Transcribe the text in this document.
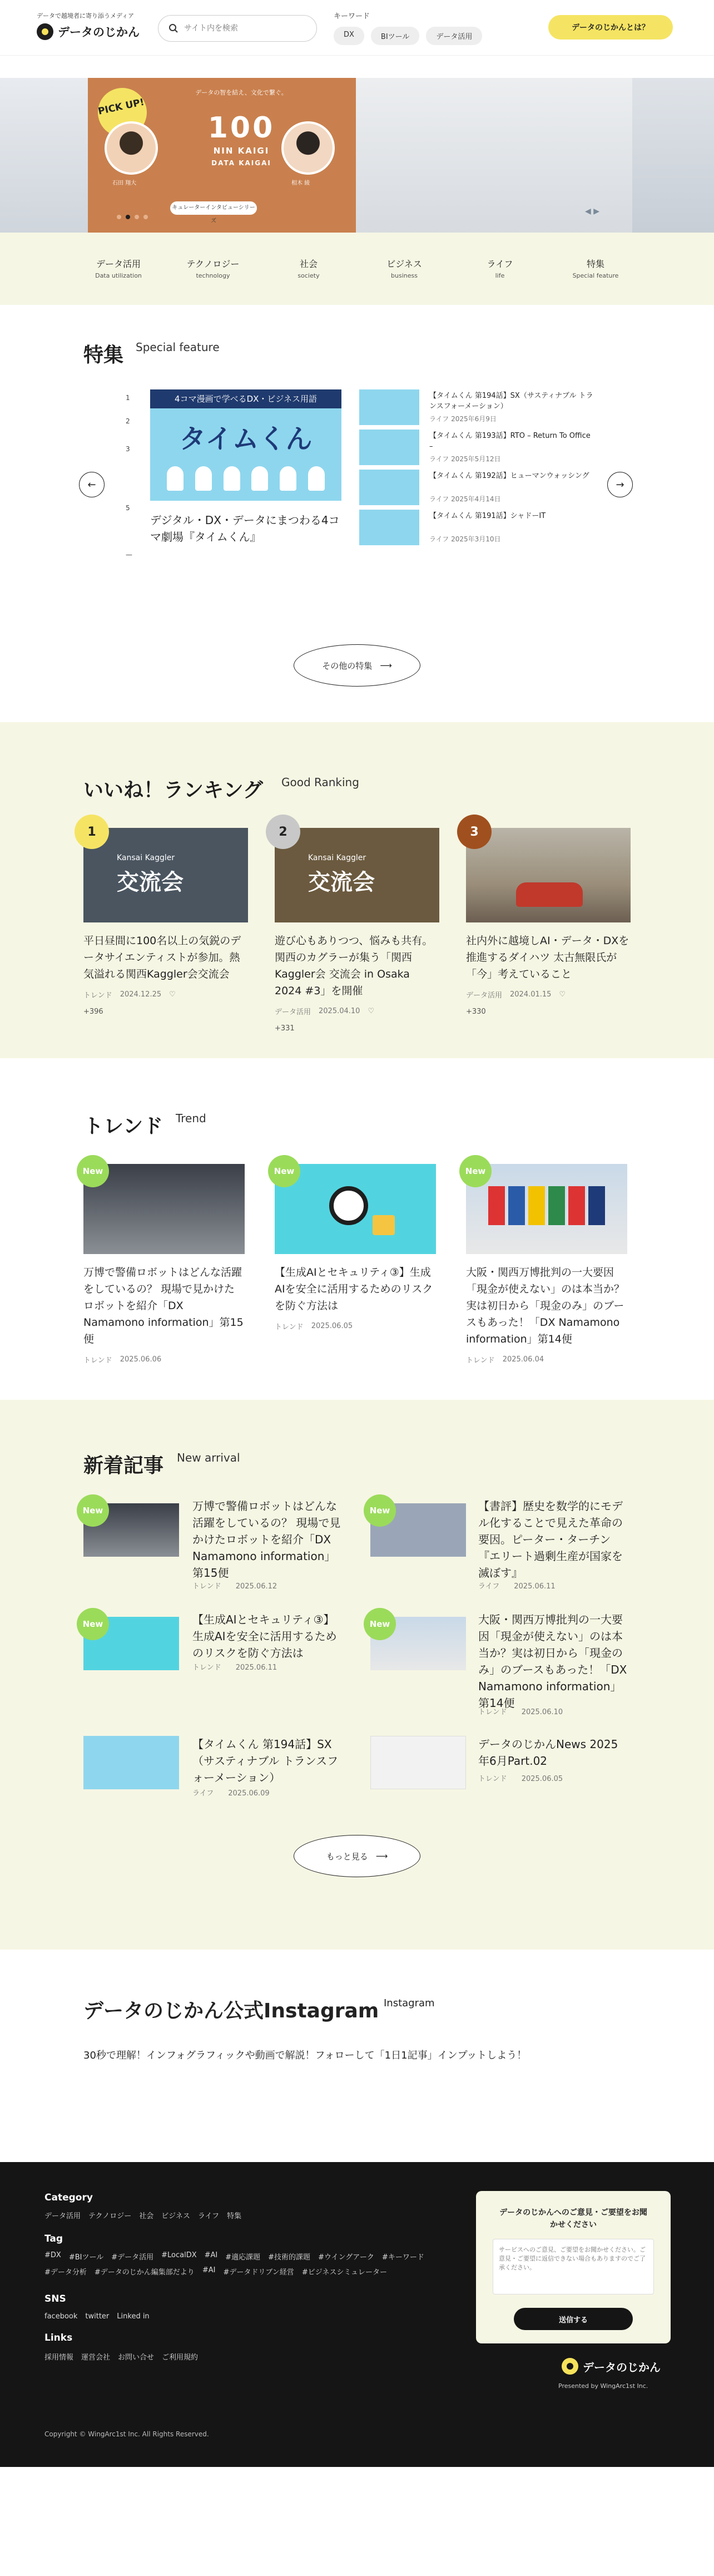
データで越境者に寄り添うメディア
データのじかん
サイト内を検索
キーワード
DX	BIツール	データ活用
データのじかんとは？
PICK UP!
データの智を結え、文化で繋ぐ。
100
NIN KAIGI
DATA KAIGAI
石田 翔大	相木 綾
キュレーターインタビューシリーズ
◀ ▶
データ活用
Data utilization
テクノロジー
technology
社会
society
ビジネス
business
ライフ
life
特集
Special feature
特集 Special feature
1
2
3
5
—
←	→
4コマ漫画で学べるDX・ビジネス用語
タイムくん
デジタル・DX・データにまつわる4コマ劇場『タイムくん』
【タイムくん 第194話】SX（サスティナブル トランスフォーメーション）
ライフ 2025年6月9日
【タイムくん 第193話】RTO – Return To Office –
ライフ 2025年5月12日
【タイムくん 第192話】ヒューマンウォッシング
ライフ 2025年4月14日
【タイムくん 第191話】シャドーIT
ライフ 2025年3月10日
その他の特集 ⟶
いいね！ランキング Good Ranking
Kansai Kaggler
交流会
平日昼間に100名以上の気鋭のデータサイエンティストが参加。熱気溢れる関西Kaggler会交流会
トレンド 2024.12.25 ♡
+396
1
Kansai Kaggler
交流会
遊び心もありつつ、悩みも共有。関西のカグラーが集う「関西Kaggler会 交流会 in Osaka 2024 #3」を開催
データ活用 2025.04.10 ♡
+331
2
社内外に越境しAI・データ・DXを推進するダイハツ 太古無限氏が「今」考えていること
データ活用 2024.01.15 ♡
+330
3
トレンド Trend
万博で警備ロボットはどんな活躍をしているの？ 現場で見かけたロボットを紹介「DX Namamono information」第15便
トレンド 2025.06.06
New
【生成AIとセキュリティ③】生成AIを安全に活用するためのリスクを防ぐ方法は
トレンド 2025.06.05
New
大阪・関西万博批判の一大要因「現金が使えない」のは本当か？実は初日から「現金のみ」のブースもあった！「DX Namamono information」第14便
トレンド 2025.06.04
New
新着記事 New arrival
New	万博で警備ロボットはどんな活躍をしているの？ 現場で見かけたロボットを紹介「DX Namamono information」第15便
トレンド　　 2025.06.12
New	【書評】歴史を数学的にモデル化することで見えた革命の要因。ピーター・ターチン『エリート過剰生産が国家を滅ぼす』
ライフ　　 2025.06.11
New	【生成AIとセキュリティ③】生成AIを安全に活用するためのリスクを防ぐ方法は
トレンド　　 2025.06.11
New	大阪・関西万博批判の一大要因「現金が使えない」のは本当か？実は初日から「現金のみ」のブースもあった！「DX Namamono information」第14便
トレンド　　 2025.06.10
【タイムくん 第194話】SX（サスティナブル トランスフォーメーション）
ライフ　　 2025.06.09
データのじかんNews 2025年6月Part.02
トレンド　　 2025.06.05
もっと見る ⟶
データのじかん公式Instagram Instagram
30秒で理解！インフォグラフィックや動画で解説！フォローして「1日1記事」インプットしよう！
Category
データ活用 テクノロジー 社会 ビジネス ライフ 特集
Tag
#DX #BIツール #データ活用 #LocalDX #AI #適応課題 #技術的課題 #ウイングアーク #キーワード
#データ分析 #データのじかん編集部だより #AI #データドリブン経営 #ビジネスシミュレーター
SNS
facebook twitter Linked in
Links
採用情報 運営会社 お問い合せ ご利用規約
データのじかんへのご意見・ご要望をお聞かせください
サービスへのご意見、ご要望をお聞かせください。ご意見・ご要望に返信できない場合もありますのでご了承ください。
送信する
データのじかん
Presented by WingArc1st Inc.
Copyright © WingArc1st Inc. All Rights Reserved.
